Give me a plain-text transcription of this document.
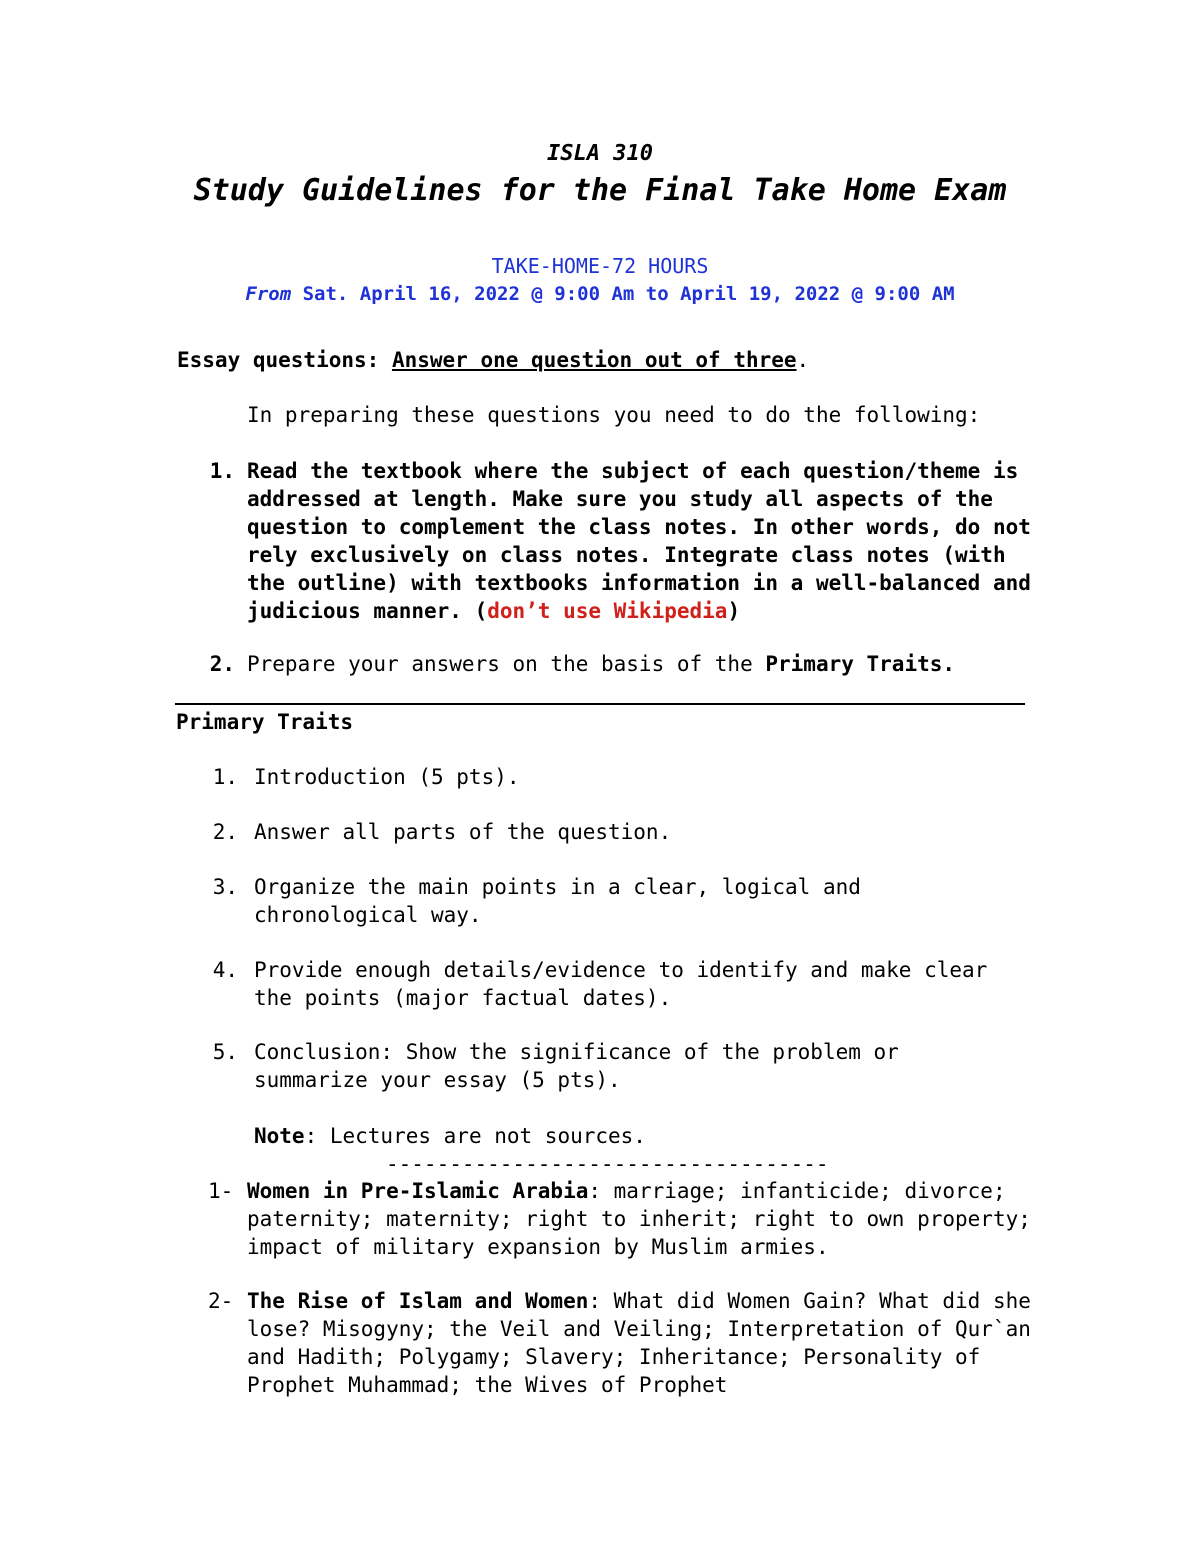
ISLA 310
Study Guidelines for the Final Take Home Exam
TAKE-HOME-72 HOURS
From Sat. April 16, 2022 @ 9:00 Am to April 19, 2022 @ 9:00 AM
Essay questions: Answer one question out of three.
In preparing these questions you need to do the following:
1. Read the textbook where the subject of each question/theme is addressed at length. Make sure you study all aspects of the question to complement the class notes. In other words, do not rely exclusively on class notes. Integrate class notes (with the outline) with textbooks information in a well-balanced and judicious manner. (don’t use Wikipedia)
2. Prepare your answers on the basis of the Primary Traits.
Primary Traits
1. Introduction (5 pts).
2. Answer all parts of the question.
3. Organize the main points in a clear, logical and chronological way.
4. Provide enough details/evidence to identify and make clear the points (major factual dates).
5. Conclusion: Show the significance of the problem or summarize your essay (5 pts).
Note: Lectures are not sources.
-----------------------------------
1- Women in Pre-Islamic Arabia: marriage; infanticide; divorce; paternity; maternity; right to inherit; right to own property; impact of military expansion by Muslim armies.
2- The Rise of Islam and Women: What did Women Gain? What did she lose? Misogyny; the Veil and Veiling; Interpretation of Qur`an and Hadith; Polygamy; Slavery; Inheritance; Personality of Prophet Muhammad; the Wives of Prophet
